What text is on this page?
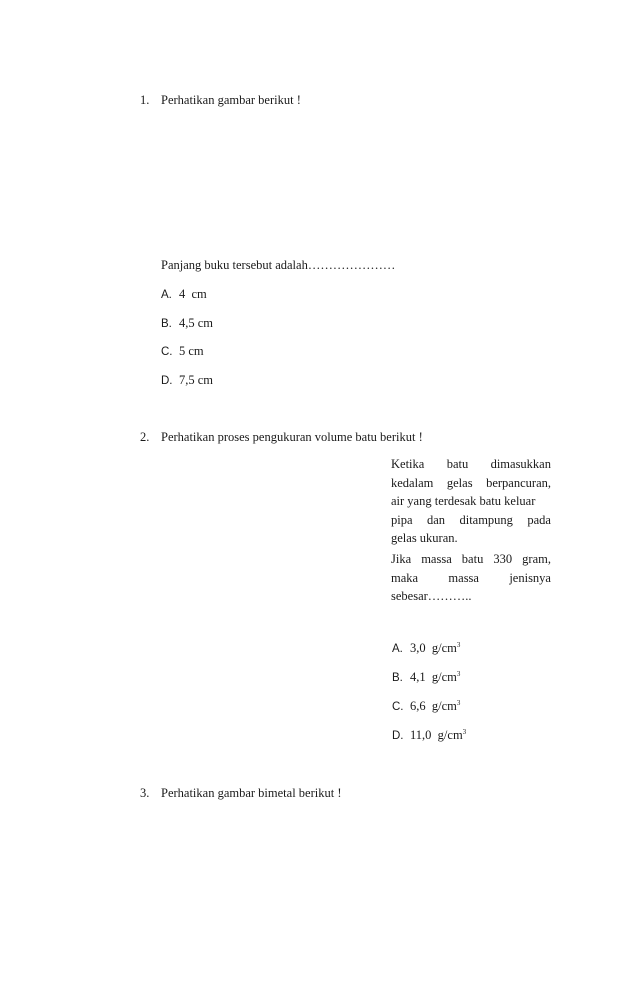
1. Perhatikan gambar berikut !
Panjang buku tersebut adalah…………………
A. 4  cm
B. 4,5 cm
C. 5 cm
D. 7,5 cm
2. Perhatikan proses pengukuran volume batu berikut !
Ketika batu dimasukkan
kedalam gelas berpancuran,
air yang terdesak batu keluar
pipa dan ditampung pada
gelas ukuran.
Jika massa batu 330 gram,
maka massa jenisnya
sebesar………..
A. 3,0 $g/cm^3$
B. 4,1 $g/cm^3$
C. 6,6 $g/cm^3$
D. 11,0 $g/cm^3$
3. Perhatikan gambar bimetal berikut !
